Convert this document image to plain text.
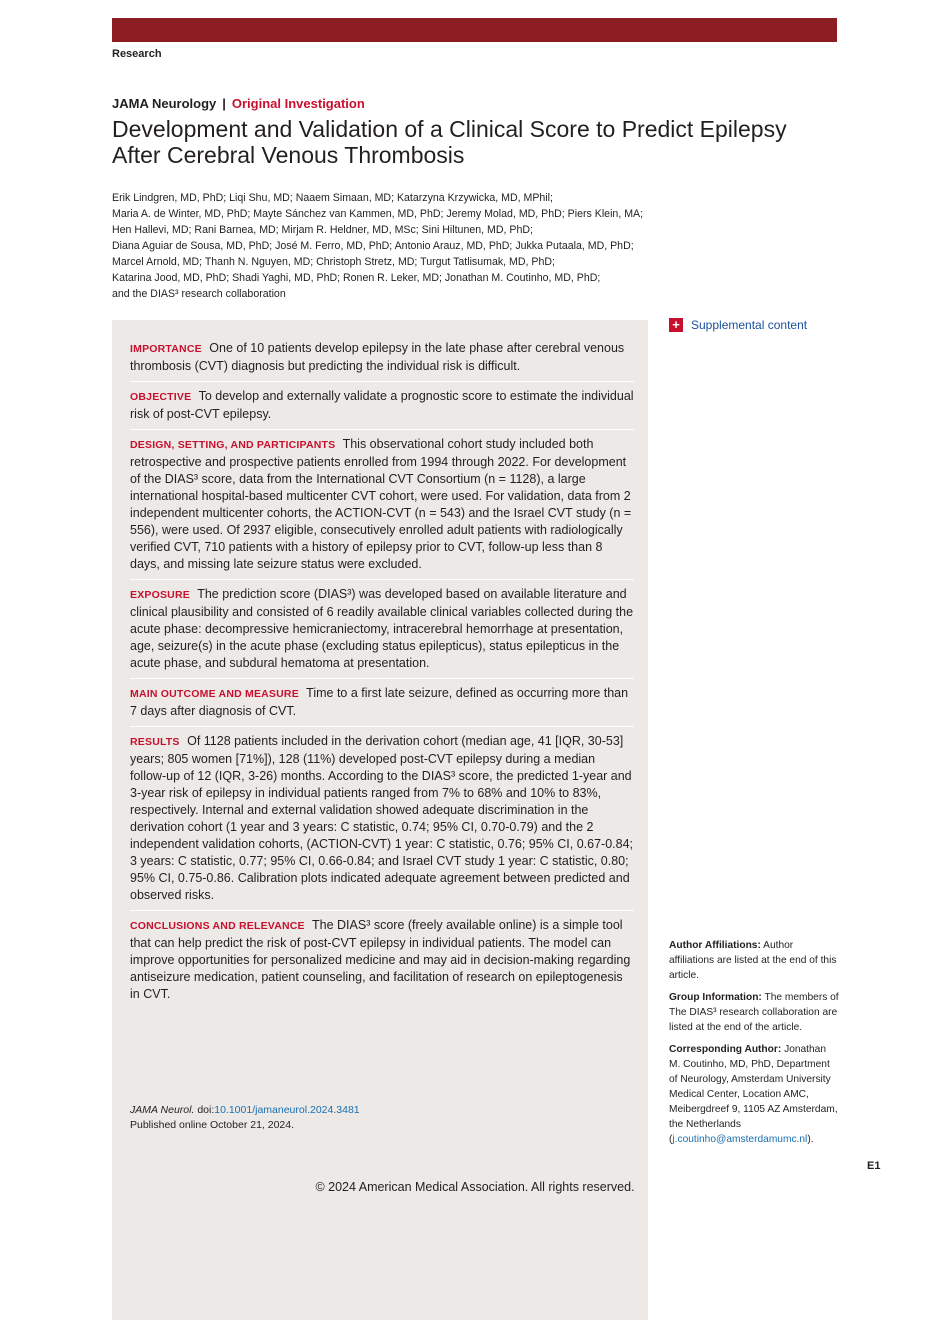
Research
JAMA Neurology | Original Investigation
Development and Validation of a Clinical Score to Predict Epilepsy After Cerebral Venous Thrombosis
Erik Lindgren, MD, PhD; Liqi Shu, MD; Naaem Simaan, MD; Katarzyna Krzywicka, MD, MPhil;
Maria A. de Winter, MD, PhD; Mayte Sánchez van Kammen, MD, PhD; Jeremy Molad, MD, PhD; Piers Klein, MA;
Hen Hallevi, MD; Rani Barnea, MD; Mirjam R. Heldner, MD, MSc; Sini Hiltunen, MD, PhD;
Diana Aguiar de Sousa, MD, PhD; José M. Ferro, MD, PhD; Antonio Arauz, MD, PhD; Jukka Putaala, MD, PhD;
Marcel Arnold, MD; Thanh N. Nguyen, MD; Christoph Stretz, MD; Turgut Tatlisumak, MD, PhD;
Katarina Jood, MD, PhD; Shadi Yaghi, MD, PhD; Ronen R. Leker, MD; Jonathan M. Coutinho, MD, PhD;
and the DIAS³ research collaboration
IMPORTANCE One of 10 patients develop epilepsy in the late phase after cerebral venous thrombosis (CVT) diagnosis but predicting the individual risk is difficult.
OBJECTIVE To develop and externally validate a prognostic score to estimate the individual risk of post-CVT epilepsy.
DESIGN, SETTING, AND PARTICIPANTS This observational cohort study included both retrospective and prospective patients enrolled from 1994 through 2022. For development of the DIAS³ score, data from the International CVT Consortium (n = 1128), a large international hospital-based multicenter CVT cohort, were used. For validation, data from 2 independent multicenter cohorts, the ACTION-CVT (n = 543) and the Israel CVT study (n = 556), were used. Of 2937 eligible, consecutively enrolled adult patients with radiologically verified CVT, 710 patients with a history of epilepsy prior to CVT, follow-up less than 8 days, and missing late seizure status were excluded.
EXPOSURE The prediction score (DIAS³) was developed based on available literature and clinical plausibility and consisted of 6 readily available clinical variables collected during the acute phase: decompressive hemicraniectomy, intracerebral hemorrhage at presentation, age, seizure(s) in the acute phase (excluding status epilepticus), status epilepticus in the acute phase, and subdural hematoma at presentation.
MAIN OUTCOME AND MEASURE Time to a first late seizure, defined as occurring more than 7 days after diagnosis of CVT.
RESULTS Of 1128 patients included in the derivation cohort (median age, 41 [IQR, 30-53] years; 805 women [71%]), 128 (11%) developed post-CVT epilepsy during a median follow-up of 12 (IQR, 3-26) months. According to the DIAS³ score, the predicted 1-year and 3-year risk of epilepsy in individual patients ranged from 7% to 68% and 10% to 83%, respectively. Internal and external validation showed adequate discrimination in the derivation cohort (1 year and 3 years: C statistic, 0.74; 95% CI, 0.70-0.79) and the 2 independent validation cohorts, (ACTION-CVT) 1 year: C statistic, 0.76; 95% CI, 0.67-0.84; 3 years: C statistic, 0.77; 95% CI, 0.66-0.84; and Israel CVT study 1 year: C statistic, 0.80; 95% CI, 0.75-0.86. Calibration plots indicated adequate agreement between predicted and observed risks.
CONCLUSIONS AND RELEVANCE The DIAS³ score (freely available online) is a simple tool that can help predict the risk of post-CVT epilepsy in individual patients. The model can improve opportunities for personalized medicine and may aid in decision-making regarding antiseizure medication, patient counseling, and facilitation of research on epileptogenesis in CVT.
JAMA Neurol. doi:10.1001/jamaneurol.2024.3481
Published online October 21, 2024.
+ Supplemental content
Author Affiliations: Author affiliations are listed at the end of this article.
Group Information: The members of The DIAS³ research collaboration are listed at the end of the article.
Corresponding Author: Jonathan M. Coutinho, MD, PhD, Department of Neurology, Amsterdam University Medical Center, Location AMC, Meibergdreef 9, 1105 AZ Amsterdam, the Netherlands (j.coutinho@amsterdamumc.nl).
E1
© 2024 American Medical Association. All rights reserved.
